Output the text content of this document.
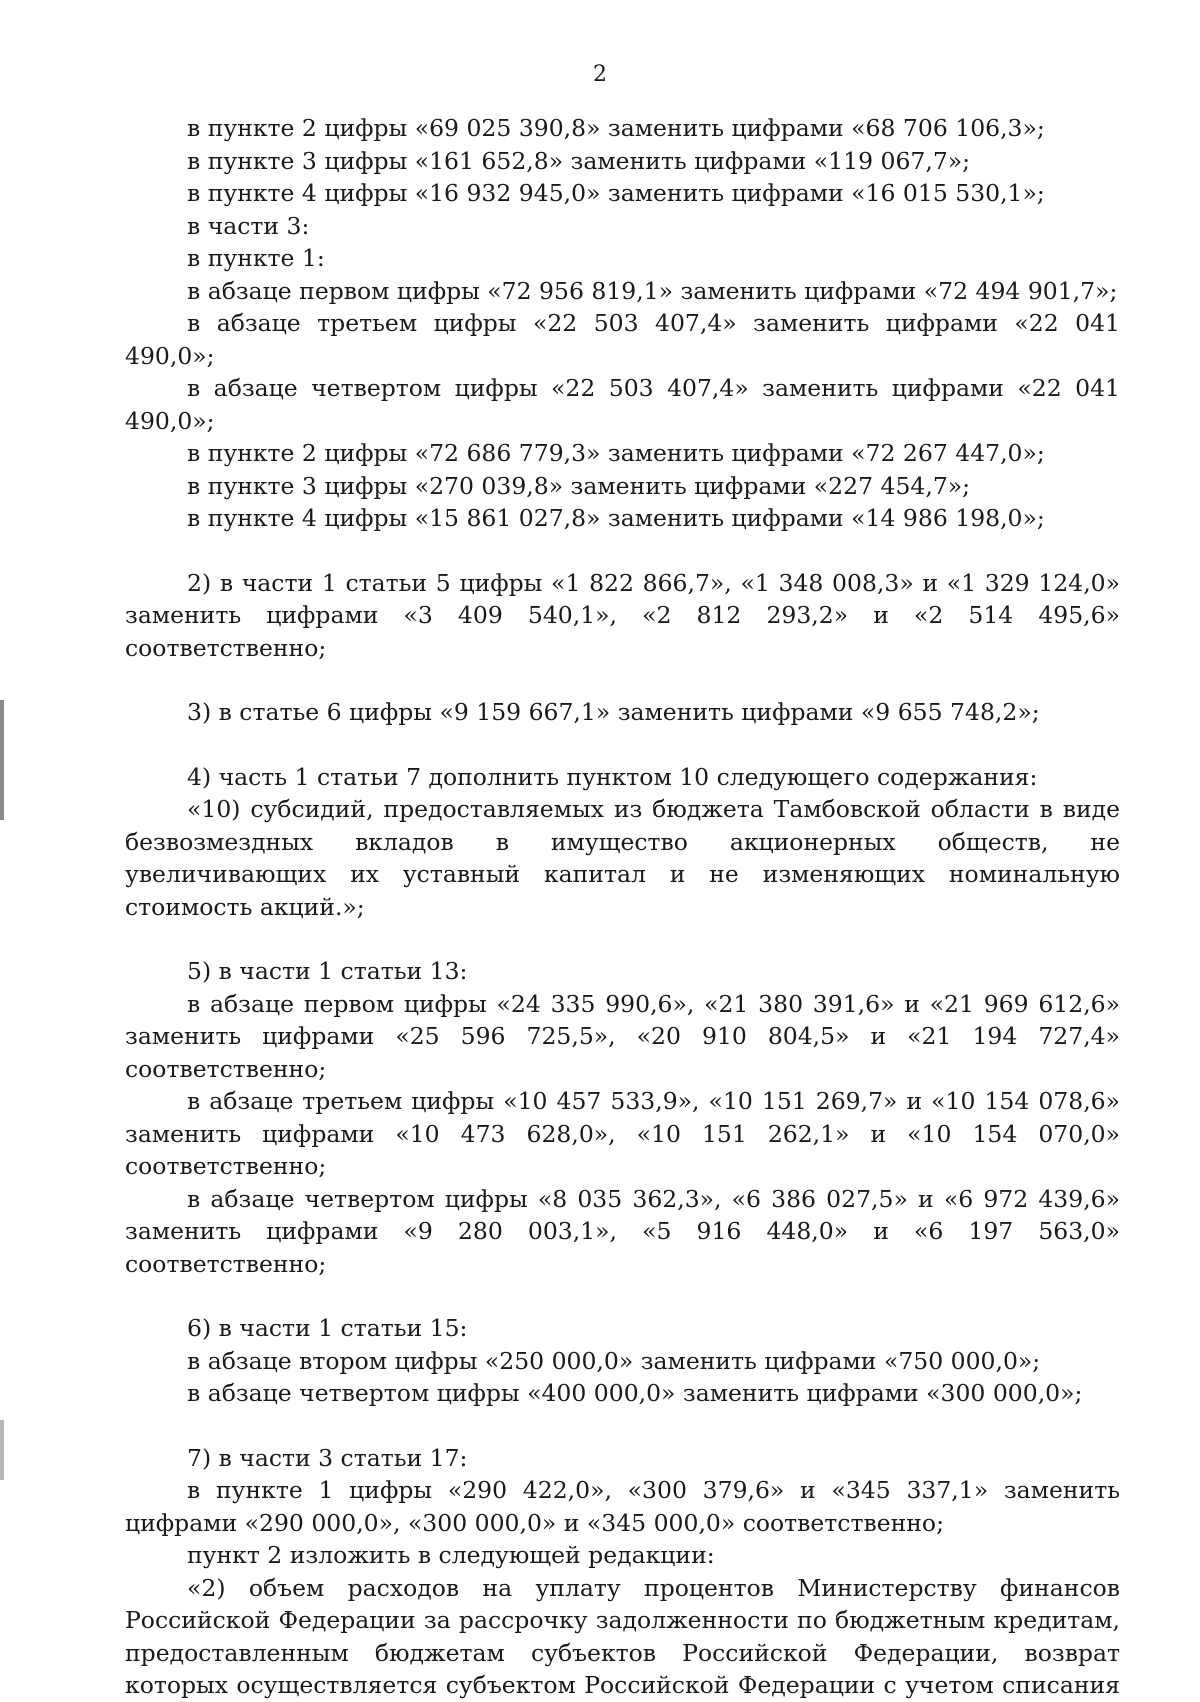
2

в пункте 2 цифры «69 025 390,8» заменить цифрами «68 706 106,3»;

в пункте 3 цифры «161 652,8» заменить цифрами «119 067,7»;

в пункте 4 цифры «16 932 945,0» заменить цифрами «16 015 530,1»;

в части 3:

в пункте 1:

в абзаце первом цифры «72 956 819,1» заменить цифрами «72 494 901,7»;

в абзаце третьем цифры «22 503 407,4» заменить цифрами «22 041 490,0»;

в абзаце четвертом цифры «22 503 407,4» заменить цифрами «22 041 490,0»;

в пункте 2 цифры «72 686 779,3» заменить цифрами «72 267 447,0»;

в пункте 3 цифры «270 039,8» заменить цифрами «227 454,7»;

в пункте 4 цифры «15 861 027,8» заменить цифрами «14 986 198,0»;

2) в части 1 статьи 5 цифры «1 822 866,7», «1 348 008,3» и «1 329 124,0» заменить цифрами «3 409 540,1», «2 812 293,2» и «2 514 495,6» соответственно;

3) в статье 6 цифры «9 159 667,1» заменить цифрами «9 655 748,2»;

4) часть 1 статьи 7 дополнить пунктом 10 следующего содержания:

«10) субсидий, предоставляемых из бюджета Тамбовской области в виде безвозмездных вкладов в имущество акционерных обществ, не увеличивающих их уставный капитал и не изменяющих номинальную стоимость акций.»;

5) в части 1 статьи 13:

в абзаце первом цифры «24 335 990,6», «21 380 391,6» и «21 969 612,6» заменить цифрами «25 596 725,5», «20 910 804,5» и «21 194 727,4» соответственно;

в абзаце третьем цифры «10 457 533,9», «10 151 269,7» и «10 154 078,6» заменить цифрами «10 473 628,0», «10 151 262,1» и «10 154 070,0» соответственно;

в абзаце четвертом цифры «8 035 362,3», «6 386 027,5» и «6 972 439,6» заменить цифрами «9 280 003,1», «5 916 448,0» и «6 197 563,0» соответственно;

6) в части 1 статьи 15:

в абзаце втором цифры «250 000,0» заменить цифрами «750 000,0»;

в абзаце четвертом цифры «400 000,0» заменить цифрами «300 000,0»;

7) в части 3 статьи 17:

в пункте 1 цифры «290 422,0», «300 379,6» и «345 337,1» заменить цифрами «290 000,0», «300 000,0» и «345 000,0» соответственно;

пункт 2 изложить в следующей редакции:

«2) объем расходов на уплату процентов Министерству финансов Российской Федерации за рассрочку задолженности по бюджетным кредитам, предоставленным бюджетам субъектов Российской Федерации, возврат которых осуществляется субъектом Российской Федерации с учетом списания
